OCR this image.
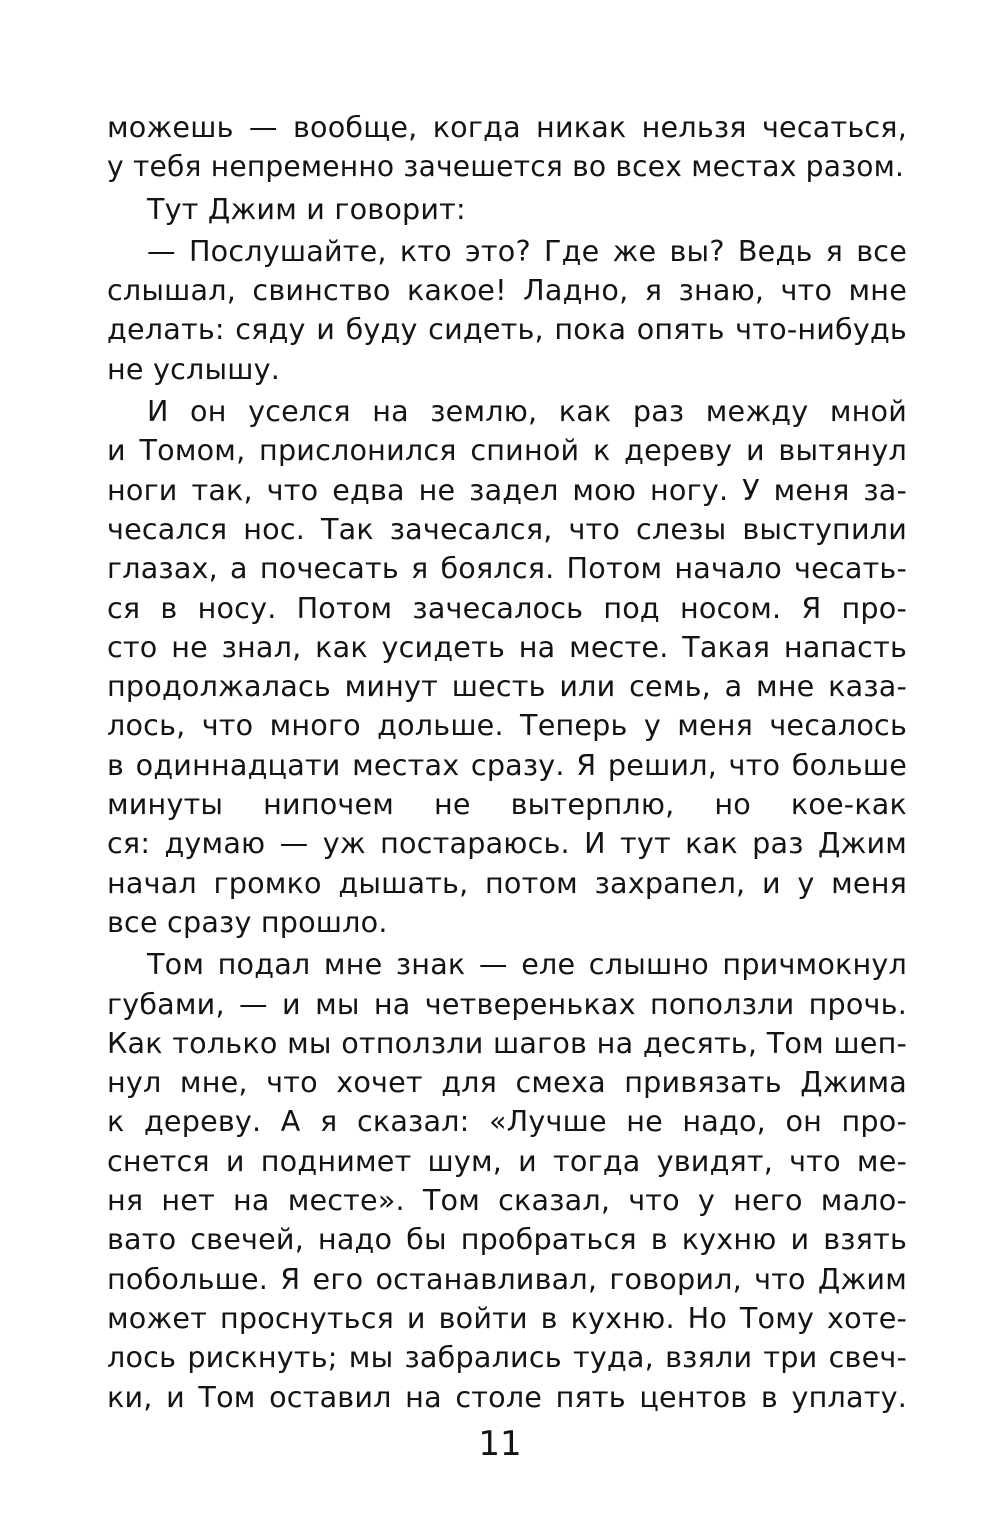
можешь — вообще, когда никак нельзя чесаться,
у тебя непременно зачешется во всех местах разом.
Тут Джим и говорит:
— Послушайте, кто это? Где же вы? Ведь я все
слышал, свинство какое! Ладно, я знаю, что мне
делать: сяду и буду сидеть, пока опять что-нибудь
не услышу.
И он уселся на землю, как раз между мной
и Томом, прислонился спиной к дереву и вытянул
ноги так, что едва не задел мою ногу. У меня за-
чесался нос. Так зачесался, что слезы выступили
глазах, а почесать я боялся. Потом начало чесать-
ся в носу. Потом зачесалось под носом. Я про-
сто не знал, как усидеть на месте. Такая напасть
продолжалась минут шесть или семь, а мне каза-
лось, что много дольше. Теперь у меня чесалось
в одиннадцати местах сразу. Я решил, что больше
минуты нипочем не вытерплю, но кое-как
ся: думаю — уж постараюсь. И тут как раз Джим
начал громко дышать, потом захрапел, и у меня
все сразу прошло.
Том подал мне знак — еле слышно причмокнул
губами, — и мы на четвереньках поползли прочь.
Как только мы отползли шагов на десять, Том шеп-
нул мне, что хочет для смеха привязать Джима
к дереву. А я сказал: «Лучше не надо, он про-
снется и поднимет шум, и тогда увидят, что ме-
ня нет на месте». Том сказал, что у него мало-
вато свечей, надо бы пробраться в кухню и взять
побольше. Я его останавливал, говорил, что Джим
может проснуться и войти в кухню. Но Тому хоте-
лось рискнуть; мы забрались туда, взяли три свеч-
ки, и Том оставил на столе пять центов в уплату.
11
